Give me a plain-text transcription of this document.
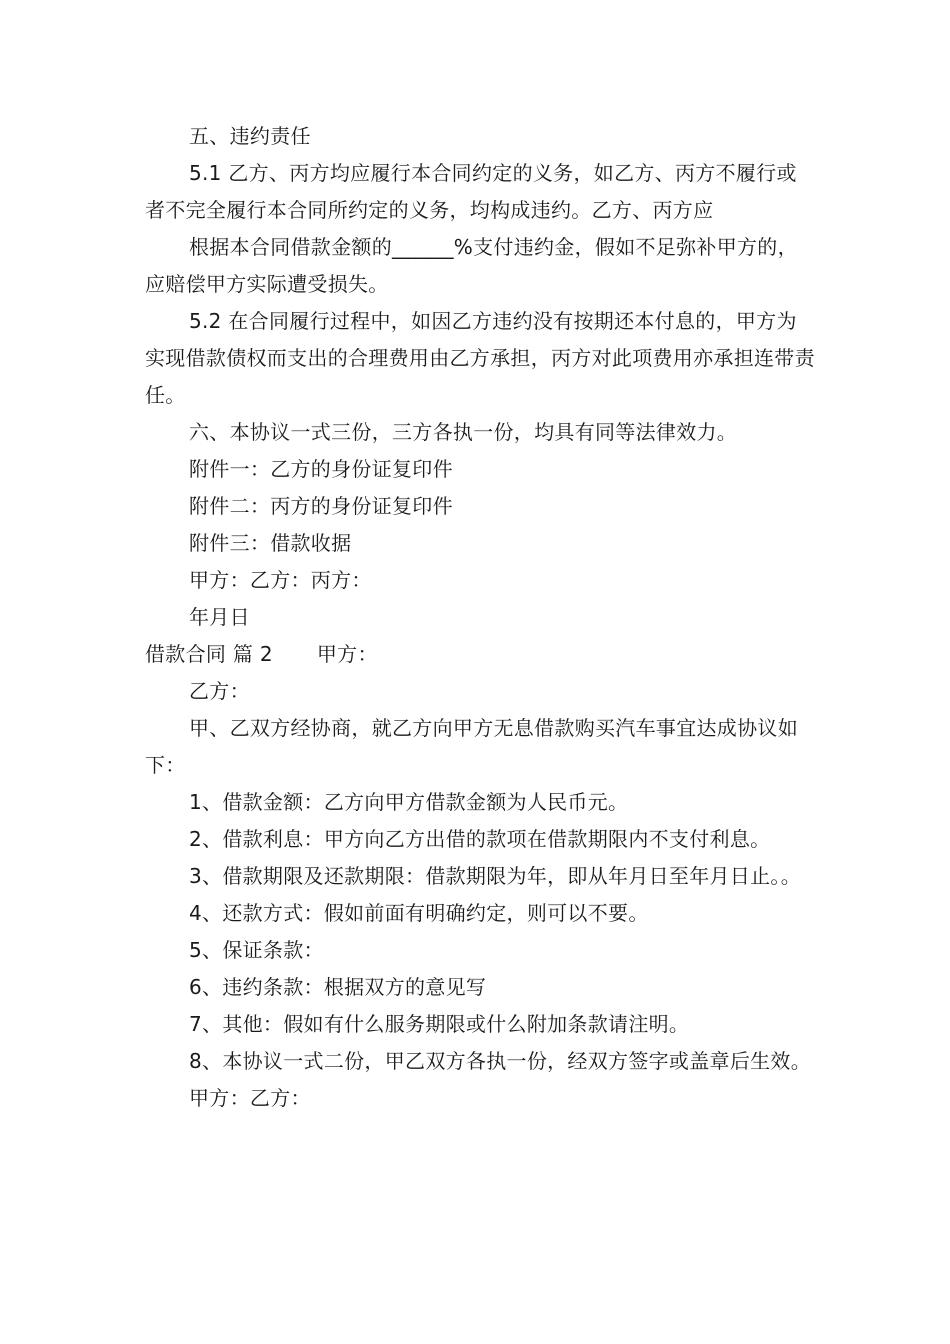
五、违约责任

5.1 乙方、丙方均应履行本合同约定的义务，如乙方、丙方不履行或者不完全履行本合同所约定的义务，均构成违约。乙方、丙方应

根据本合同借款金额的______%支付违约金，假如不足弥补甲方的，应赔偿甲方实际遭受损失。

5.2 在合同履行过程中，如因乙方违约没有按期还本付息的，甲方为实现借款债权而支出的合理费用由乙方承担，丙方对此项费用亦承担连带责任。

六、本协议一式三份，三方各执一份，均具有同等法律效力。

附件一：乙方的身份证复印件

附件二：丙方的身份证复印件

附件三：借款收据

甲方：乙方：丙方：

年月日

借款合同 篇 2 甲方：

乙方：

甲、乙双方经协商，就乙方向甲方无息借款购买汽车事宜达成协议如下：

1、借款金额：乙方向甲方借款金额为人民币元。

2、借款利息：甲方向乙方出借的款项在借款期限内不支付利息。

3、借款期限及还款期限：借款期限为年，即从年月日至年月日止。。

4、还款方式：假如前面有明确约定，则可以不要。

5、保证条款：

6、违约条款：根据双方的意见写

7、其他：假如有什么服务期限或什么附加条款请注明。

8、本协议一式二份，甲乙双方各执一份，经双方签字或盖章后生效。

甲方：乙方：
